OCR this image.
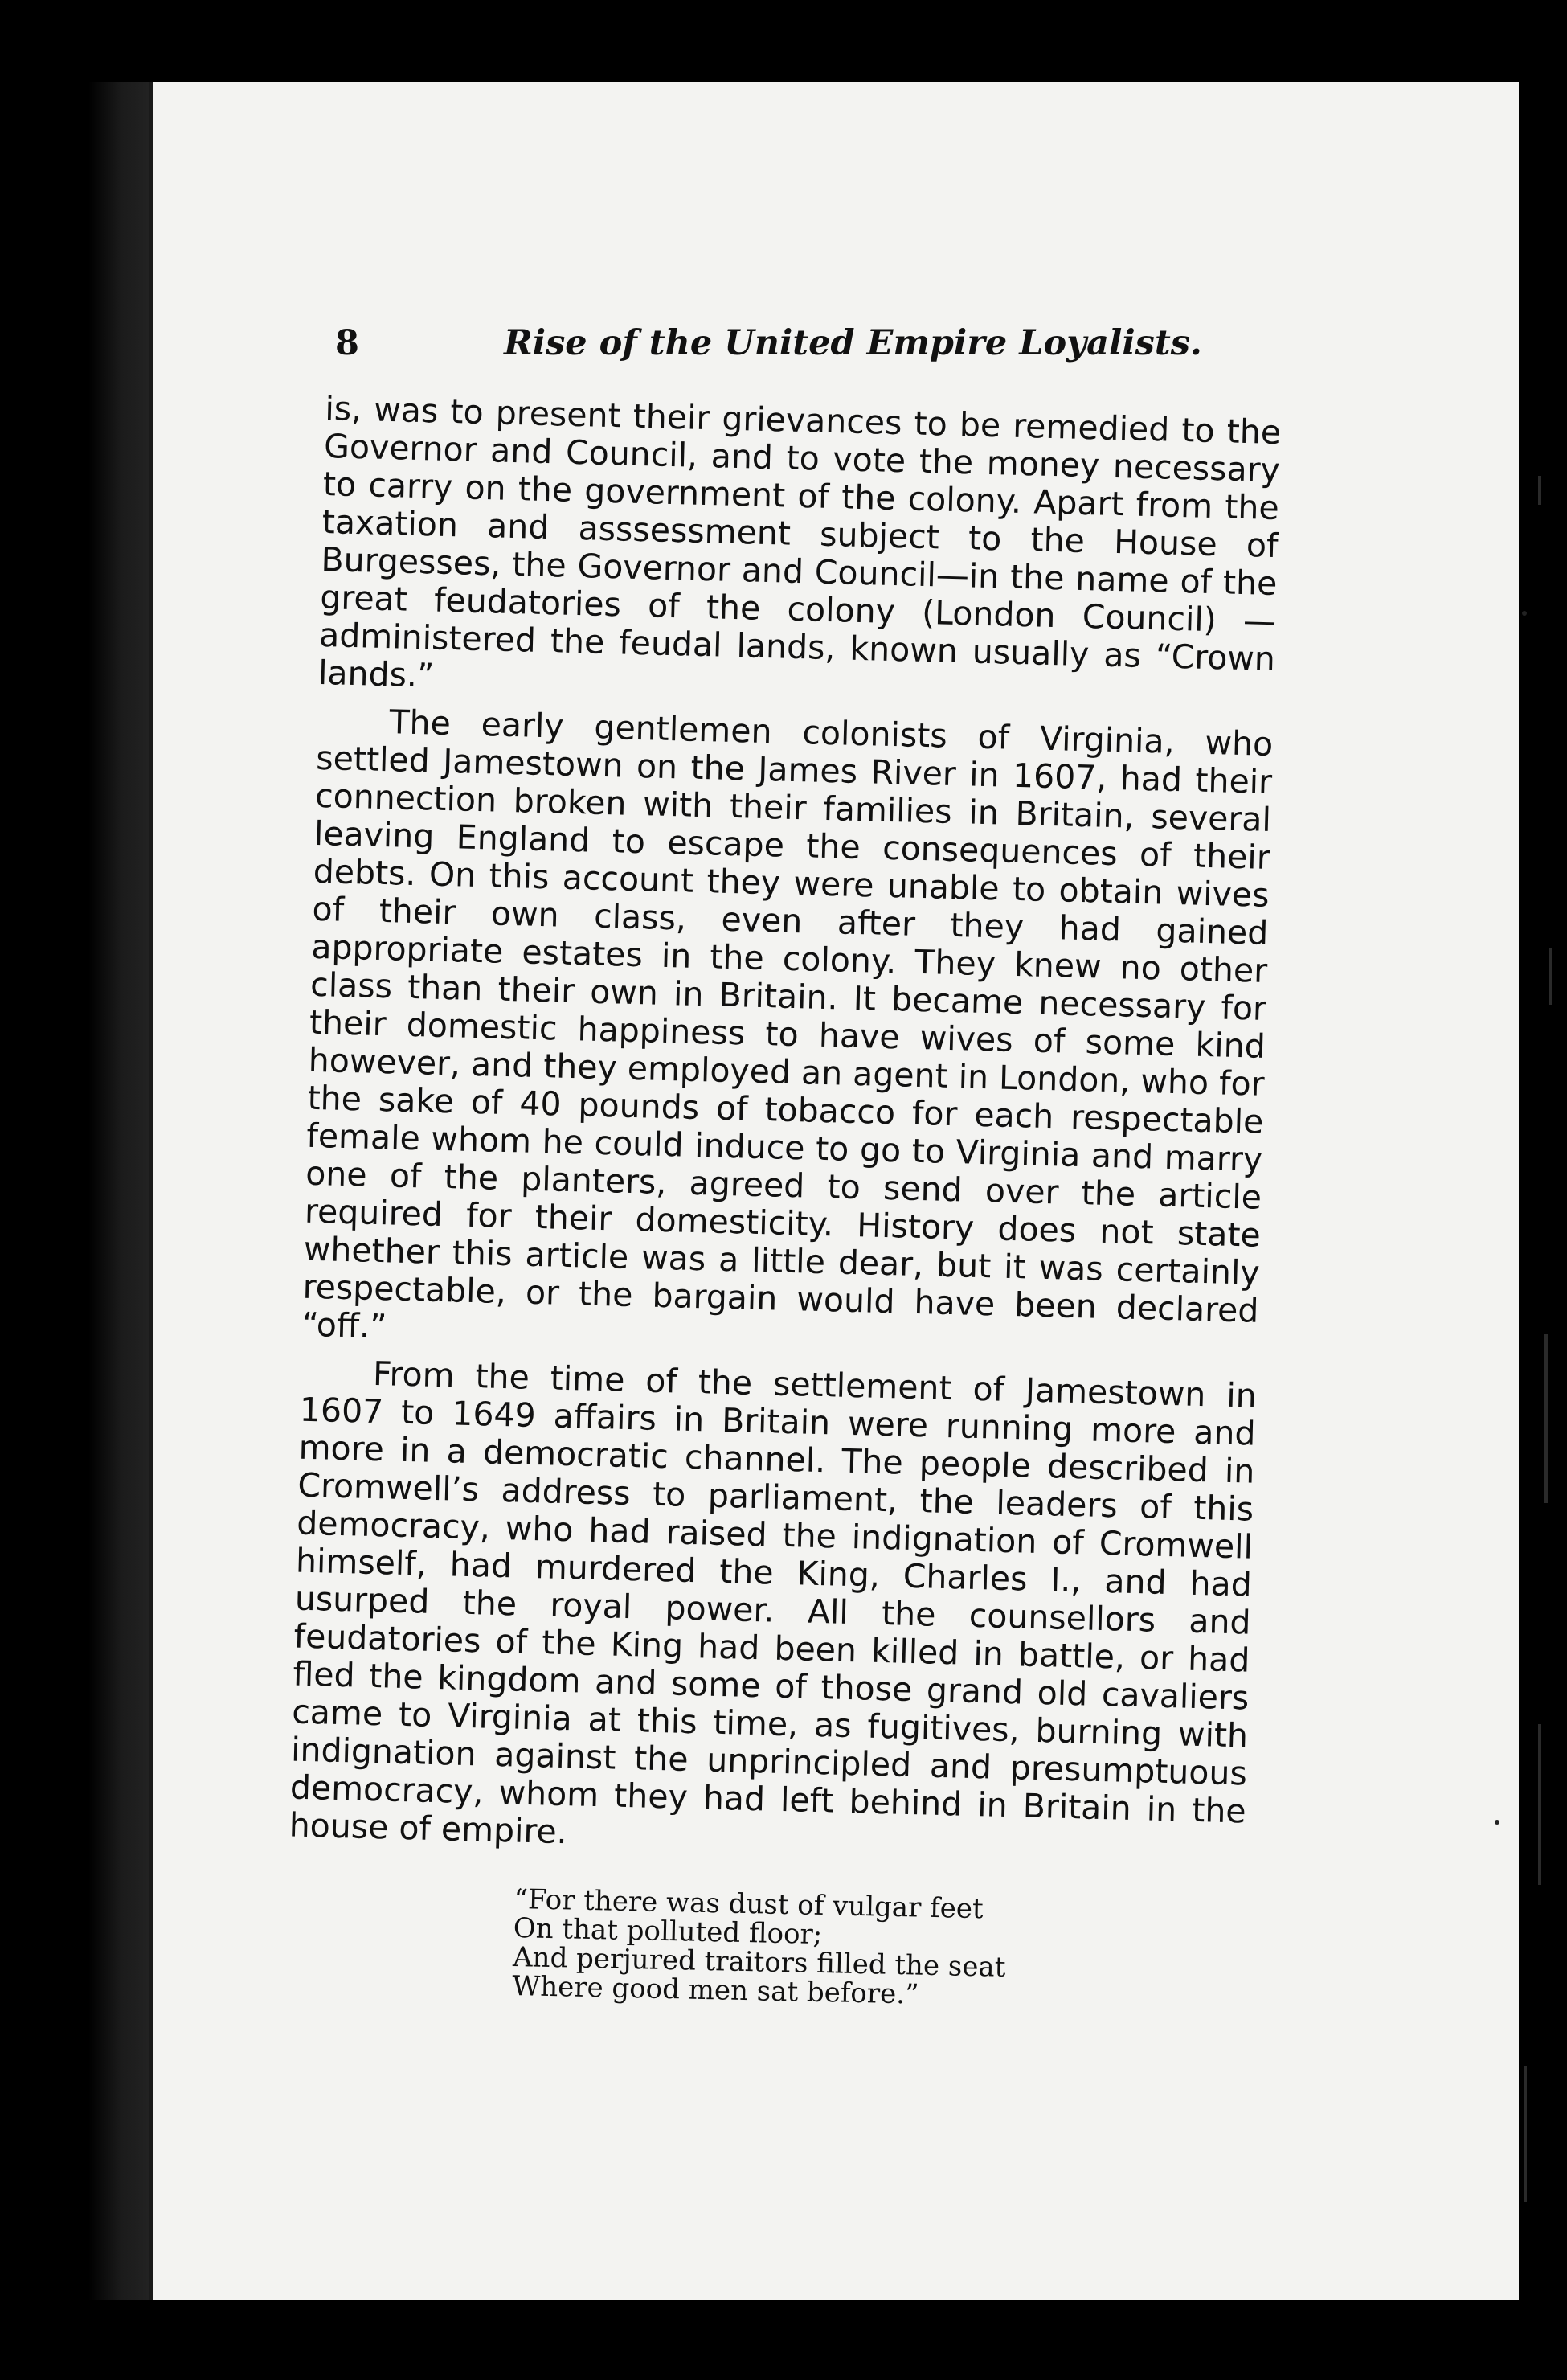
8	Rise of the United Empire Loyalists.

is, was to present their grievances to be remedied to the Governor and Council, and to vote the money necessary to carry on the government of the colony. Apart from the taxation and asssessment subject to the House of Burgesses, the Governor and Council—in the name of the great feudatories of the colony (London Council) —administered the feudal lands, known usually as “Crown lands.”

The early gentlemen colonists of Virginia, who settled Jamestown on the James River in 1607, had their connection broken with their families in Britain, several leaving England to escape the consequences of their debts. On this account they were unable to obtain wives of their own class, even after they had gained appropriate estates in the colony. They knew no other class than their own in Britain. It became necessary for their domestic happiness to have wives of some kind however, and they employed an agent in London, who for the sake of 40 pounds of tobacco for each respectable female whom he could induce to go to Virginia and marry one of the planters, agreed to send over the article required for their domesticity. History does not state whether this article was a little dear, but it was certainly respectable, or the bargain would have been declared “off.”

From the time of the settlement of Jamestown in 1607 to 1649 affairs in Britain were running more and more in a democratic channel. The people described in Cromwell’s address to parliament, the leaders of this democracy, who had raised the indignation of Cromwell himself, had murdered the King, Charles I., and had usurped the royal power. All the counsellors and feudatories of the King had been killed in battle, or had fled the kingdom and some of those grand old cavaliers came to Virginia at this time, as fugitives, burning with indignation against the unprincipled and presumptuous democracy, whom they had left behind in Britain in the house of empire.

“For there was dust of vulgar feet
On that polluted floor;
And perjured traitors filled the seat
Where good men sat before.”
